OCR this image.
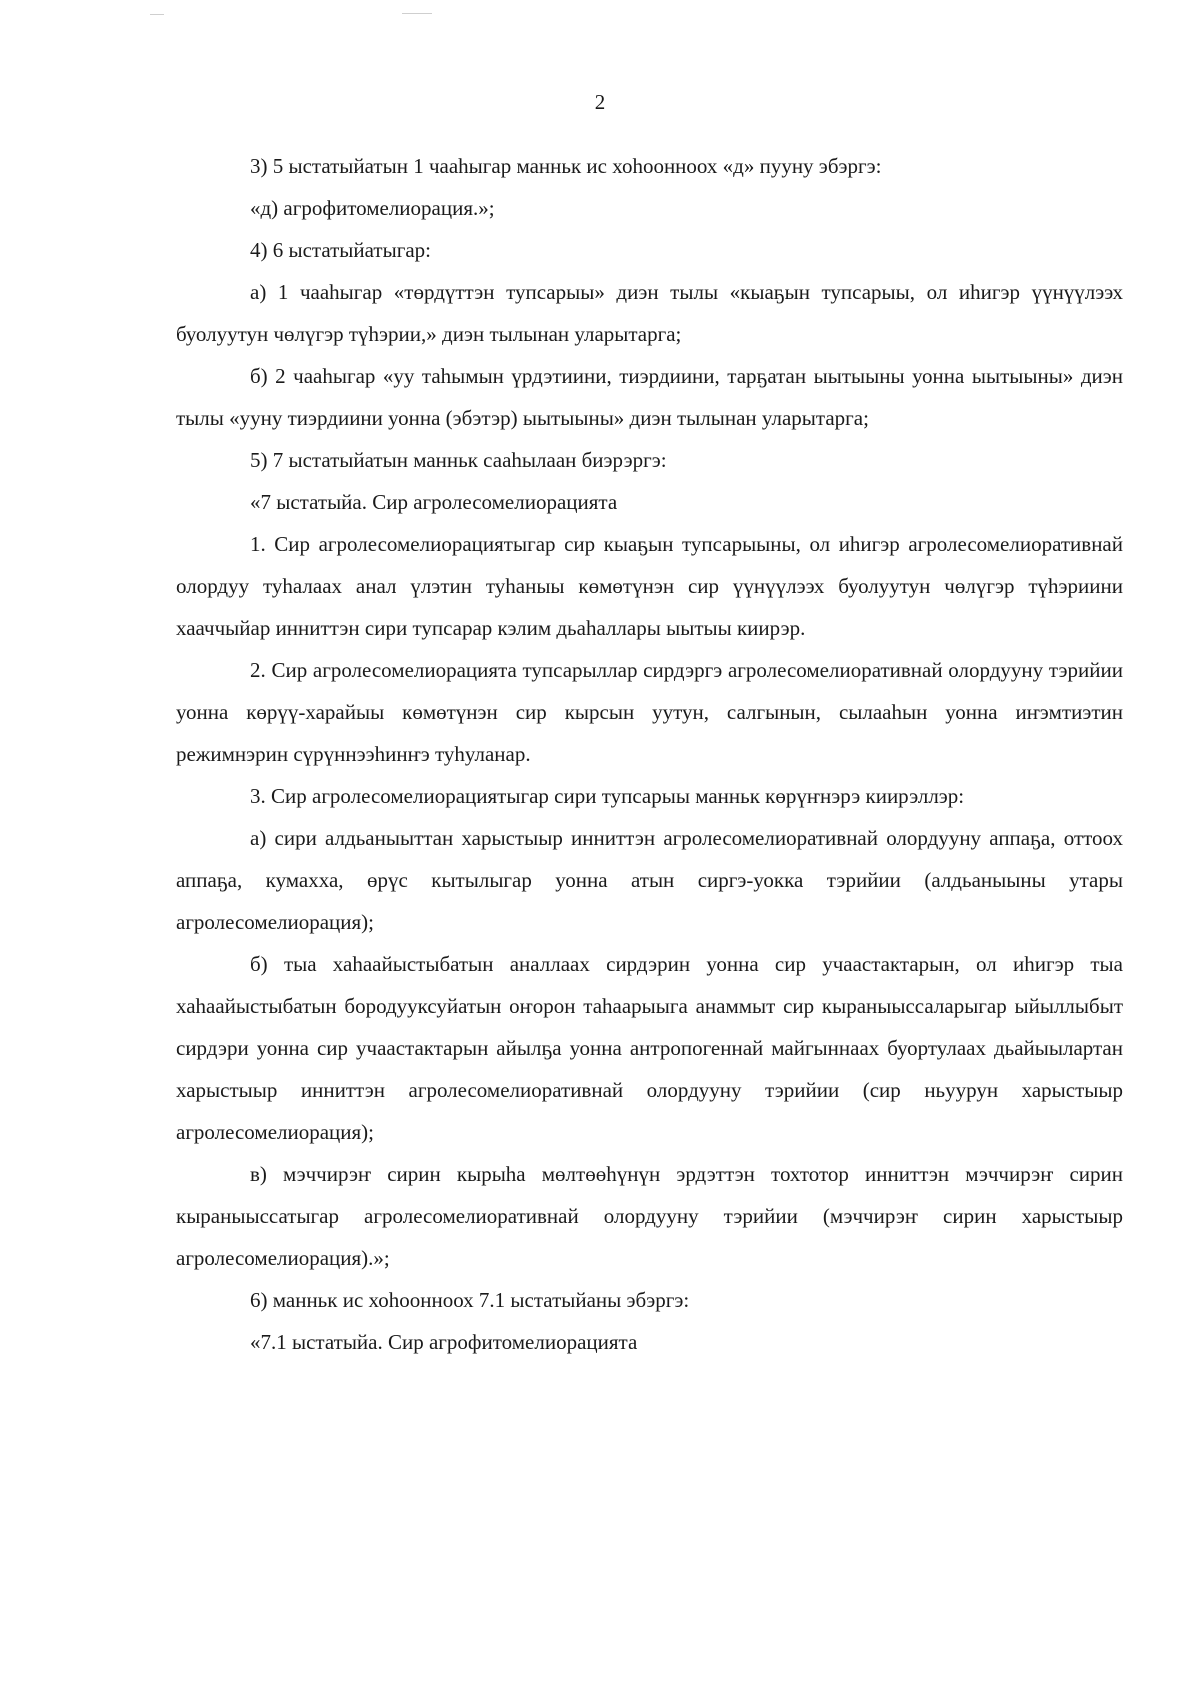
2

3) 5 ыстатыйатын 1 чааһыгар манньк ис хоһоонноох «д» пууну эбэргэ:

«д) агрофитомелиорация.»;

4) 6 ыстатыйатыгар:

а) 1 чааһыгар «төрдүттэн тупсарыы» диэн тылы «кыаҕын тупсарыы, ол иһигэр үүнүүлээх буолуутун чөлүгэр түһэрии,» диэн тылынан уларытарга;

б) 2 чааһыгар «уу таһымын үрдэтиини, тиэрдиини, тарҕатан ыытыыны уонна ыытыыны» диэн тылы «ууну тиэрдиини уонна (эбэтэр) ыытыыны» диэн тылынан уларытарга;

5) 7 ыстатыйатын манньк сааһылаан биэрэргэ:

«7 ыстатыйа. Сир агролесомелиорацията

1. Сир агролесомелиорациятыгар сир кыаҕын тупсарыыны, ол иһигэр агролесомелиоративнай олордуу туһалаах анал үлэтин туһаныы көмөтүнэн сир үүнүүлээх буолуутун чөлүгэр түһэриини хааччыйар инниттэн сири тупсарар кэлим дьаһаллары ыытыы киирэр.

2. Сир агролесомелиорацията тупсарыллар сирдэргэ агролесомелиоративнай олордууну тэрийии уонна көрүү-харайыы көмөтүнэн сир кырсын уутун, салгынын, сылааһын уонна иҥэмтиэтин режимнэрин сүрүннээһинҥэ туһуланар.

3. Сир агролесомелиорациятыгар сири тупсарыы манньк көрүҥнэрэ киирэллэр:

а) сири алдьаныыттан харыстыыр инниттэн агролесомелиоративнай олордууну аппаҕа, оттоох аппаҕа, кумахха, өрүс кытылыгар уонна атын сиргэ-уокка тэрийии (алдьаныыны утары агролесомелиорация);

б) тыа хаһаайыстыбатын аналлаах сирдэрин уонна сир учаастактарын, ол иһигэр тыа хаһаайыстыбатын бородууксуйатын оҥорон таһаарыыга анаммыт сир кыраныыссаларыгар ыйыллыбыт сирдэри уонна сир учаастактарын айылҕа уонна антропогеннай майгыннаах буортулаах дьайыылартан харыстыыр инниттэн агролесомелиоративнай олордууну тэрийии (сир ньуурун харыстыыр агролесомелиорация);

в) мэччирэҥ сирин кырыһа мөлтөөһүнүн эрдэттэн тохтотор инниттэн мэччирэҥ сирин кыраныыссатыгар агролесомелиоративнай олордууну тэрийии (мэччирэҥ сирин харыстыыр агролесомелиорация).»;

6) манньк ис хоһоонноох 7.1 ыстатыйаны эбэргэ:

«7.1 ыстатыйа. Сир агрофитомелиорацията
